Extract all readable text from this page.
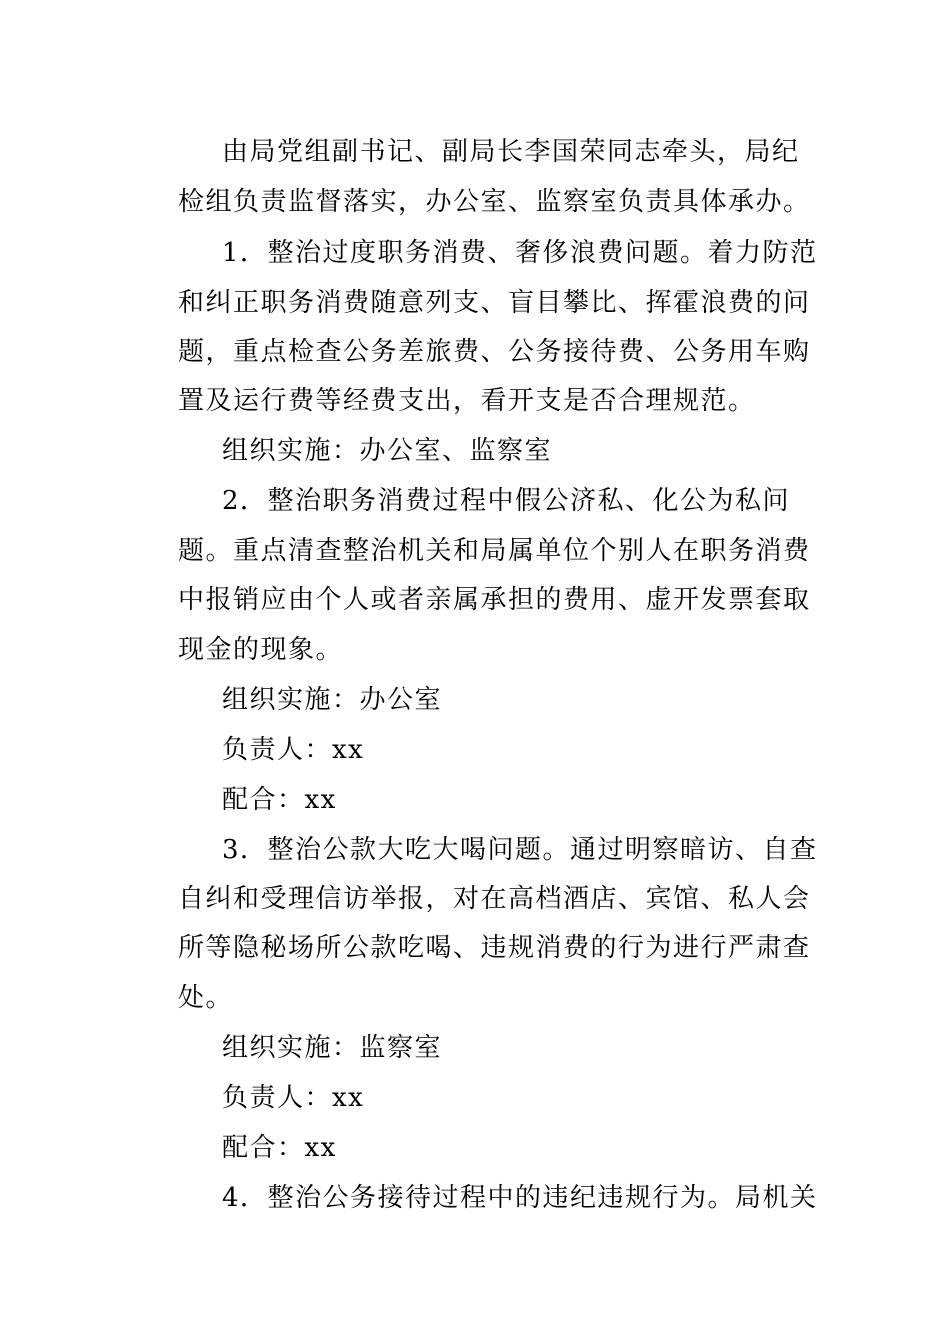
由局党组副书记、副局长李国荣同志牵头，局纪
检组负责监督落实，办公室、监察室负责具体承办。
1．整治过度职务消费、奢侈浪费问题。着力防范
和纠正职务消费随意列支、盲目攀比、挥霍浪费的问
题，重点检查公务差旅费、公务接待费、公务用车购
置及运行费等经费支出，看开支是否合理规范。
组织实施：办公室、监察室
2．整治职务消费过程中假公济私、化公为私问
题。重点清查整治机关和局属单位个别人在职务消费
中报销应由个人或者亲属承担的费用、虚开发票套取
现金的现象。
组织实施：办公室
负责人：xx
配合：xx
3．整治公款大吃大喝问题。通过明察暗访、自查
自纠和受理信访举报，对在高档酒店、宾馆、私人会
所等隐秘场所公款吃喝、违规消费的行为进行严肃查
处。
组织实施：监察室
负责人：xx
配合：xx
4．整治公务接待过程中的违纪违规行为。局机关
